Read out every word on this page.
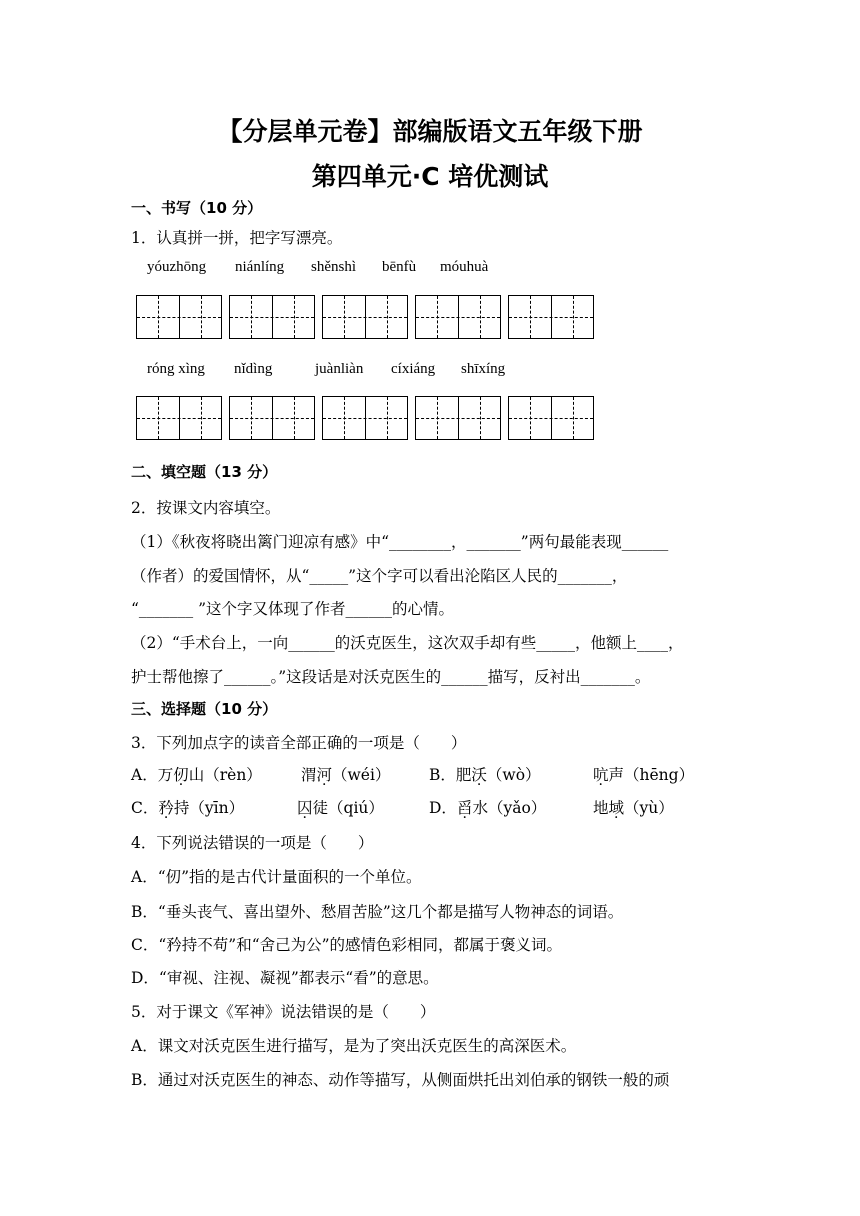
【分层单元卷】部编版语文五年级下册
第四单元·C 培优测试
一、书写（10 分）
1．认真拼一拼，把字写漂亮。
yóuzhōng niánlíng shěnshì bēnfù móuhuà
róng xìng nǐdìng	juànliàn cíxiáng shīxíng
二、填空题（13 分）
2．按课文内容填空。
（1）《秋夜将晓出篱门迎凉有感》中“________，_______”两句最能表现______
（作者）的爱国情怀，从“_____”这个字可以看出沦陷区人民的_______，
“_______ ”这个字又体现了作者______的心情。
（2）“手术台上，一向______的沃克医生，这次双手却有些_____，他额上____，
护士帮他擦了______。”这段话是对沃克医生的______描写，反衬出_______。
三、选择题（10 分）
3．下列加点字的读音全部正确的一项是（　　）
A．万仞山（rèn）	渭河（wéi） B．肥沃（wò）	吭声（hēng）
C．矜持（yīn）	囚徒（qiú）	D．舀水（yǎo）	地域（yù）
4．下列说法错误的一项是（　　）
A．“仞”指的是古代计量面积的一个单位。
B．“垂头丧气、喜出望外、愁眉苦脸”这几个都是描写人物神态的词语。
C．“矜持不苟”和“舍己为公”的感情色彩相同，都属于褒义词。
D．“审视、注视、凝视”都表示“看”的意思。
5．对于课文《军神》说法错误的是（　　）
A．课文对沃克医生进行描写，是为了突出沃克医生的高深医术。
B．通过对沃克医生的神态、动作等描写，从侧面烘托出刘伯承的钢铁一般的顽
